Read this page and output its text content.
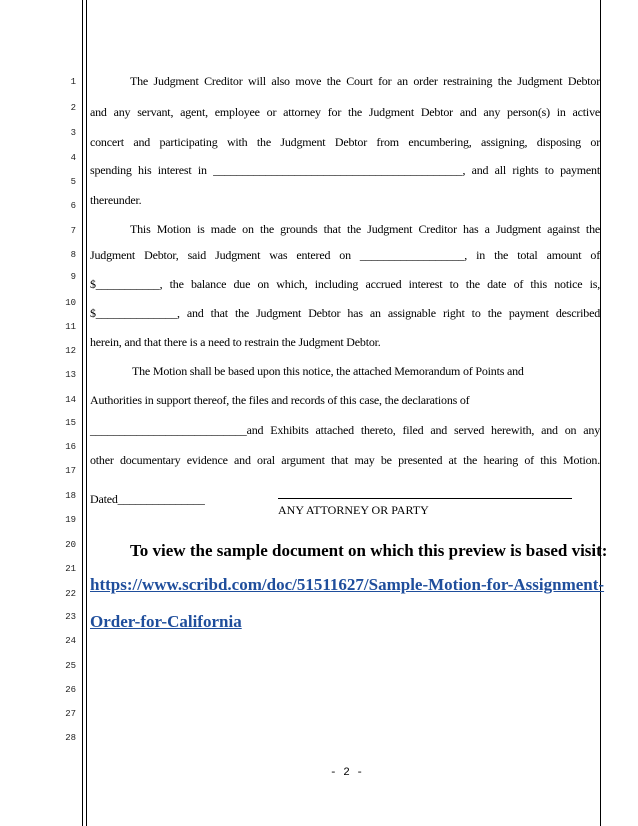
1
2
3
4
5
6
7
8
9
10
11
12
13
14
15
16
17
18
19
20
21
22
23
24
25
26
27
28
The Judgment Creditor will also move the Court for an order restraining the Judgment Debtor
and any servant, agent, employee or attorney for the Judgment Debtor and any person(s) in active
concert and participating with the Judgment Debtor from encumbering, assigning, disposing or
spending his interest in ___________________________________________, and all rights to payment
thereunder.
This Motion is made on the grounds that the Judgment Creditor has a Judgment against the
Judgment Debtor, said Judgment was entered on __________________, in the total amount of
$___________, the balance due on which, including accrued interest to the date of this notice is,
$______________, and that the Judgment Debtor has an assignable right to the payment described
herein, and that there is a need to restrain the Judgment Debtor.
The Motion shall be based upon this notice, the attached Memorandum of Points and
Authorities in support thereof, the files and records of this case, the declarations of
___________________________and Exhibits attached thereto, filed and served herewith, and on any
other documentary evidence and oral argument that may be presented at the hearing of this Motion.
Dated_______________
ANY ATTORNEY OR PARTY
To view the sample document on which this preview is based visit:
https://www.scribd.com/doc/51511627/Sample-Motion-for-Assignment-
Order-for-California
- 2 -
